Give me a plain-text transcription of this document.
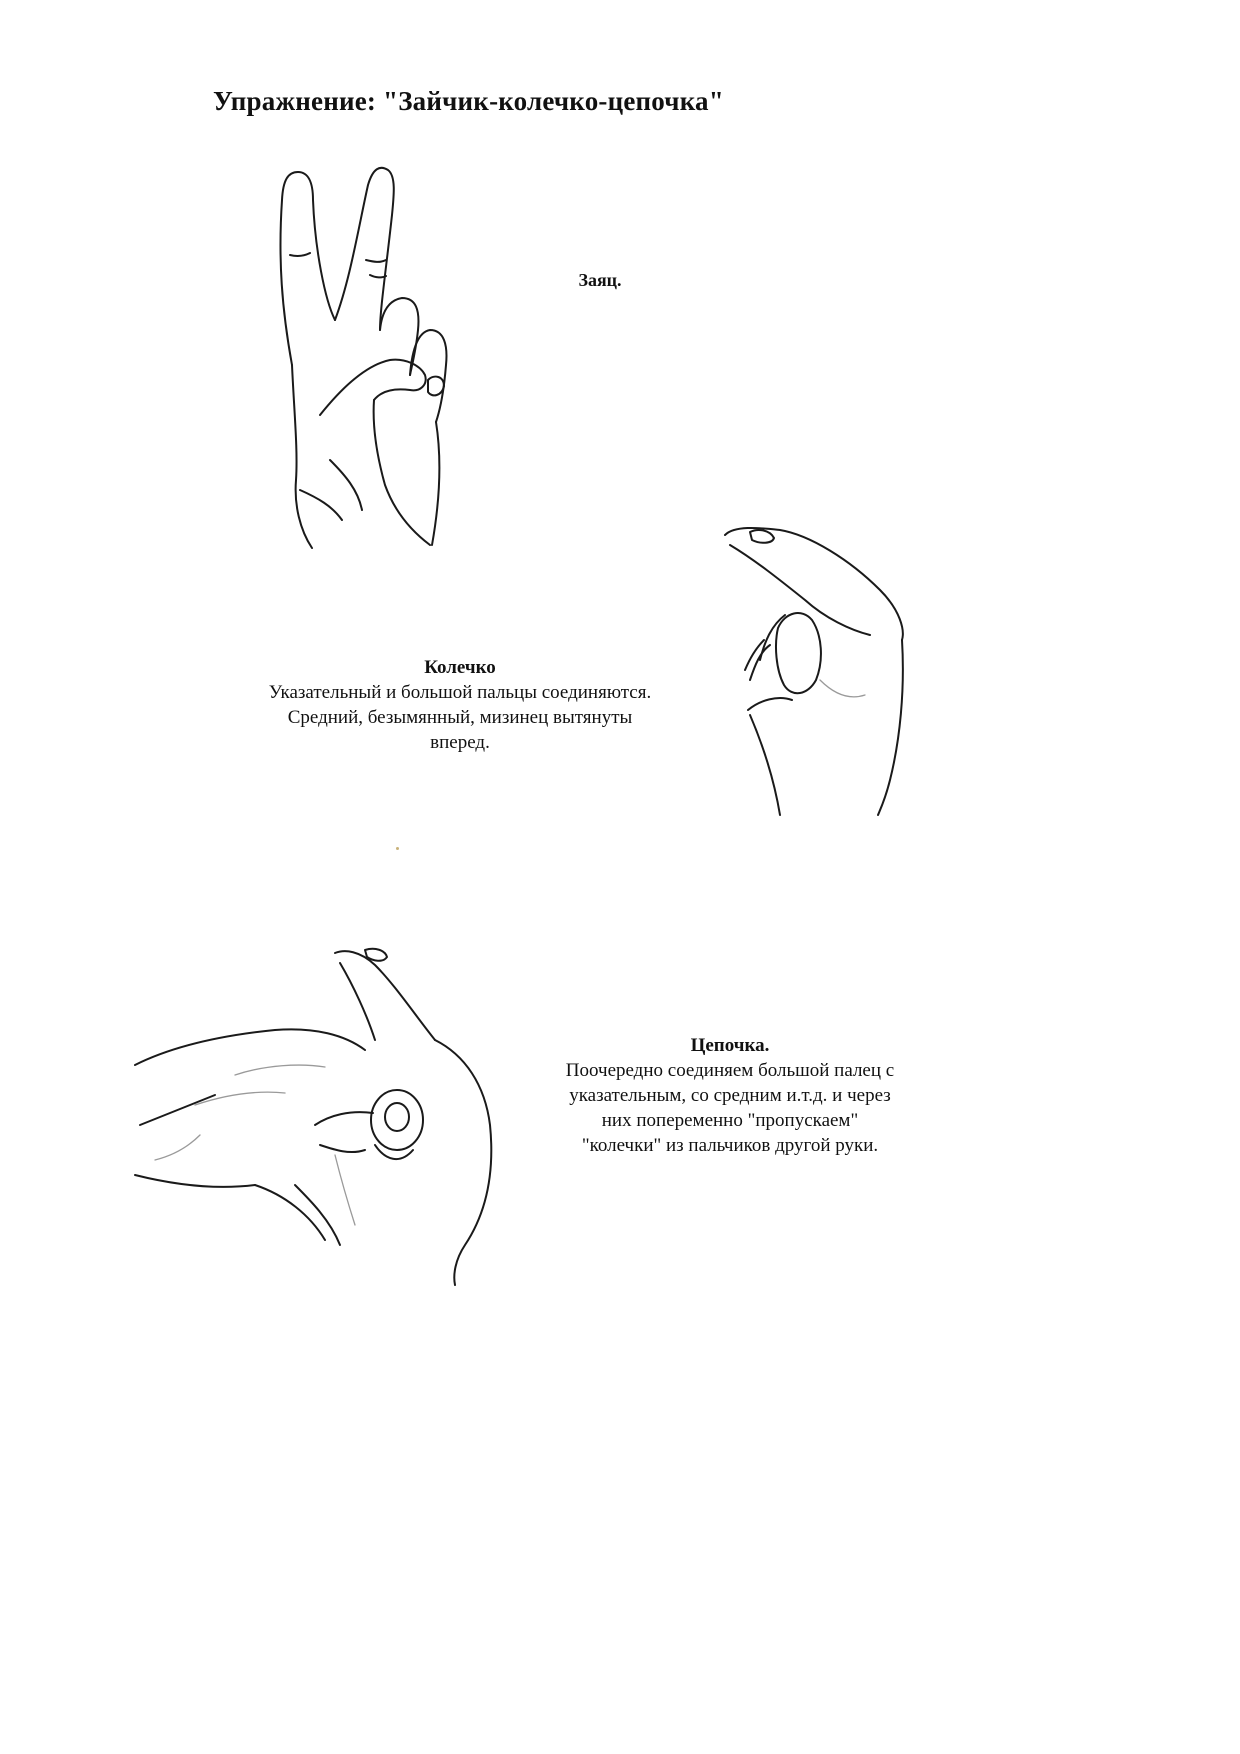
Упражнение: "Зайчик-колечко-цепочка"
Заяц.
Колечко
Указательный и большой пальцы соединяются.
Средний, безымянный, мизинец вытянуты
вперед.
Цепочка.
Поочередно соединяем большой палец с
указательным, со средним и.т.д. и через
них попеременно "пропускаем"
"колечки" из пальчиков другой руки.
